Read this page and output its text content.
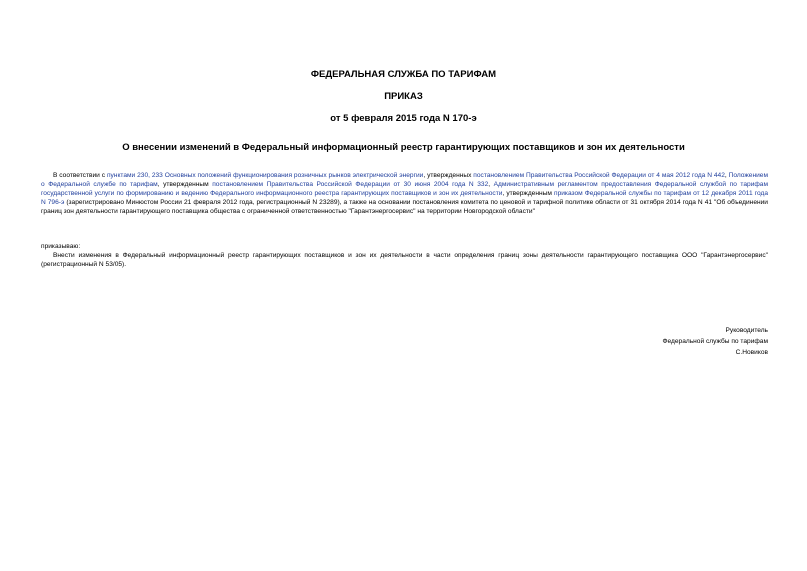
ФЕДЕРАЛЬНАЯ СЛУЖБА ПО ТАРИФАМ
ПРИКАЗ
от 5 февраля 2015 года N 170-э
О внесении изменений в Федеральный информационный реестр гарантирующих поставщиков и зон их деятельности

В соответствии с пунктами 230, 233 Основных положений функционирования розничных рынков электрической энергии, утвержденных постановлением Правительства Российской Федерации от 4 мая 2012 года N 442, Положением о Федеральной службе по тарифам, утвержденным постановлением Правительства Российской Федерации от 30 июня 2004 года N 332, Административным регламентом предоставления Федеральной службой по тарифам государственной услуги по формированию и ведению Федерального информационного реестра гарантирующих поставщиков и зон их деятельности, утвержденным приказом Федеральной службы по тарифам от 12 декабря 2011 года N 796-э (зарегистрировано Минюстом России 21 февраля 2012 года, регистрационный N 23289), а также на основании постановления комитета по ценовой и тарифной политике области от 31 октября 2014 года N 41 "Об объединении границ зон деятельности гарантирующего поставщика общества с ограниченной ответственностью "Гарантэнергосервис" на территории Новгородской области"

приказываю:

Внести изменения в Федеральный информационный реестр гарантирующих поставщиков и зон их деятельности в части определения границ зоны деятельности гарантирующего поставщика ООО "Гарантэнергосервис" (регистрационный N 53/05).

Руководитель
Федеральной службы по тарифам
С.Новиков
